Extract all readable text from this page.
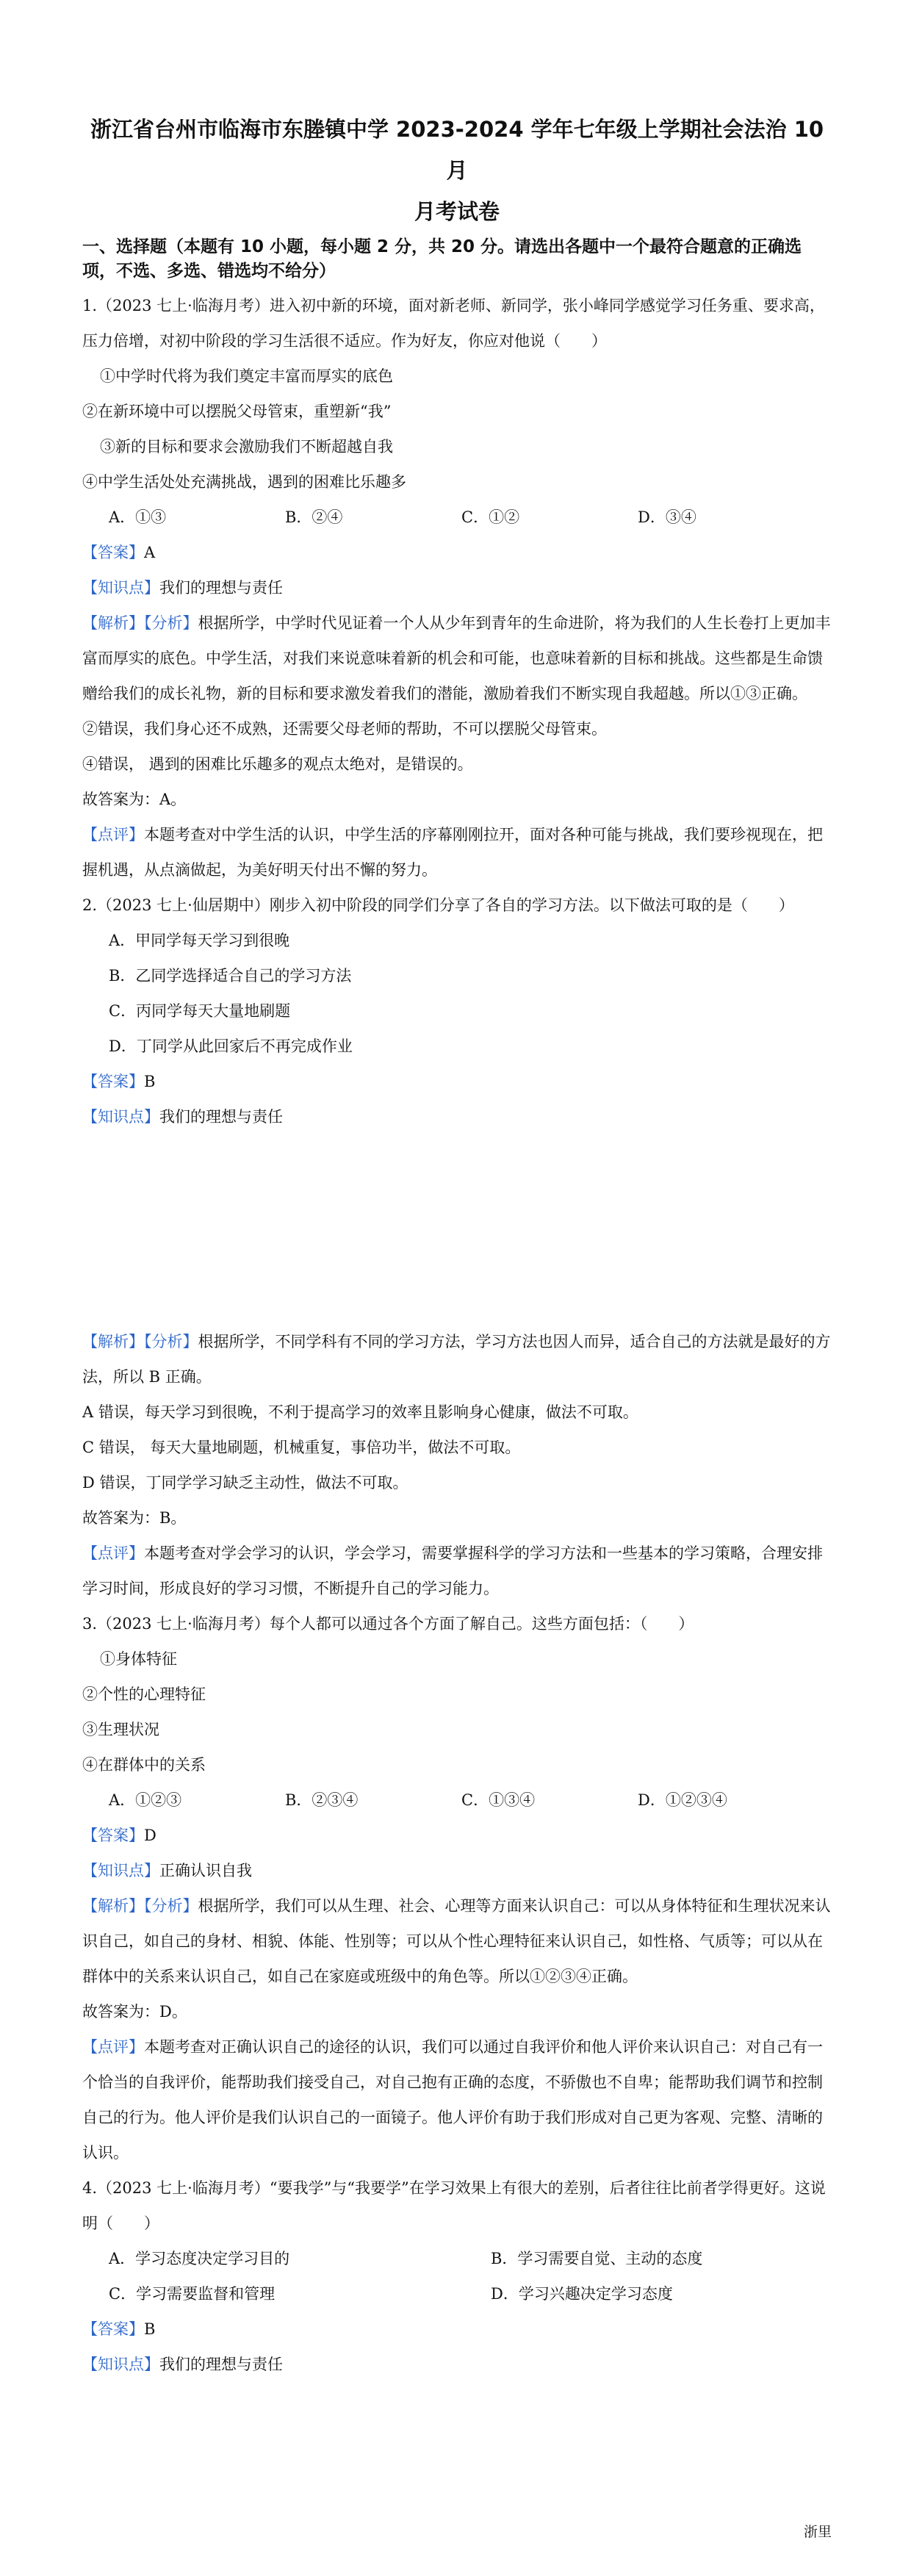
浙江省台州市临海市东塍镇中学 2023-2024 学年七年级上学期社会法治 10 月
月考试卷
一、选择题（本题有 10 小题，每小题 2 分，共 20 分。请选出各题中一个最符合题意的正确选项，不选、多选、错选均不给分）

1.（2023 七上·临海月考）进入初中新的环境，面对新老师、新同学，张小峰同学感觉学习任务重、要求高，压力倍增，对初中阶段的学习生活很不适应。作为好友，你应对他说（　　）

①中学时代将为我们奠定丰富而厚实的底色

②在新环境中可以摆脱父母管束，重塑新“我”

③新的目标和要求会激励我们不断超越自我

④中学生活处处充满挑战，遇到的困难比乐趣多

A．①③	B．②④	C．①②	D．③④

【答案】A

【知识点】我们的理想与责任

【解析】【分析】根据所学，中学时代见证着一个人从少年到青年的生命进阶，将为我们的人生长卷打上更加丰富而厚实的底色。中学生活，对我们来说意味着新的机会和可能，也意味着新的目标和挑战。这些都是生命馈赠给我们的成长礼物，新的目标和要求激发着我们的潜能，激励着我们不断实现自我超越。所以①③正确。

②错误，我们身心还不成熟，还需要父母老师的帮助，不可以摆脱父母管束。

④错误， 遇到的困难比乐趣多的观点太绝对，是错误的。

故答案为：A。

【点评】本题考查对中学生活的认识，中学生活的序幕刚刚拉开，面对各种可能与挑战，我们要珍视现在，把握机遇，从点滴做起，为美好明天付出不懈的努力。

2.（2023 七上·仙居期中）刚步入初中阶段的同学们分享了各自的学习方法。以下做法可取的是（　　）

A．甲同学每天学习到很晚

B．乙同学选择适合自己的学习方法

C．丙同学每天大量地刷题

D．丁同学从此回家后不再完成作业

【答案】B

【知识点】我们的理想与责任

【解析】【分析】根据所学，不同学科有不同的学习方法，学习方法也因人而异，适合自己的方法就是最好的方法，所以 B 正确。

A 错误，每天学习到很晚，不利于提高学习的效率且影响身心健康，做法不可取。

C 错误， 每天大量地刷题，机械重复，事倍功半，做法不可取。

D 错误，丁同学学习缺乏主动性，做法不可取。

故答案为：B。

【点评】本题考查对学会学习的认识，学会学习，需要掌握科学的学习方法和一些基本的学习策略，合理安排学习时间，形成良好的学习习惯，不断提升自己的学习能力。

3.（2023 七上·临海月考）每个人都可以通过各个方面了解自己。这些方面包括：（　　）

①身体特征

②个性的心理特征

③生理状况

④在群体中的关系

A．①②③	B．②③④	C．①③④	D．①②③④

【答案】D

【知识点】正确认识自我

【解析】【分析】根据所学，我们可以从生理、社会、心理等方面来认识自己：可以从身体特征和生理状况来认识自己，如自己的身材、相貌、体能、性别等；可以从个性心理特征来认识自己，如性格、气质等；可以从在群体中的关系来认识自己，如自己在家庭或班级中的角色等。所以①②③④正确。

故答案为：D。

【点评】本题考查对正确认识自己的途径的认识，我们可以通过自我评价和他人评价来认识自己：对自己有一个恰当的自我评价，能帮助我们接受自己，对自己抱有正确的态度，不骄傲也不自卑；能帮助我们调节和控制自己的行为。他人评价是我们认识自己的一面镜子。他人评价有助于我们形成对自己更为客观、完整、清晰的认识。

4.（2023 七上·临海月考）“要我学”与“我要学”在学习效果上有很大的差别，后者往往比前者学得更好。这说明（　　）

A．学习态度决定学习目的	B．学习需要自觉、主动的态度
C．学习需要监督和管理	D．学习兴趣决定学习态度

【答案】B

【知识点】我们的理想与责任

浙里
